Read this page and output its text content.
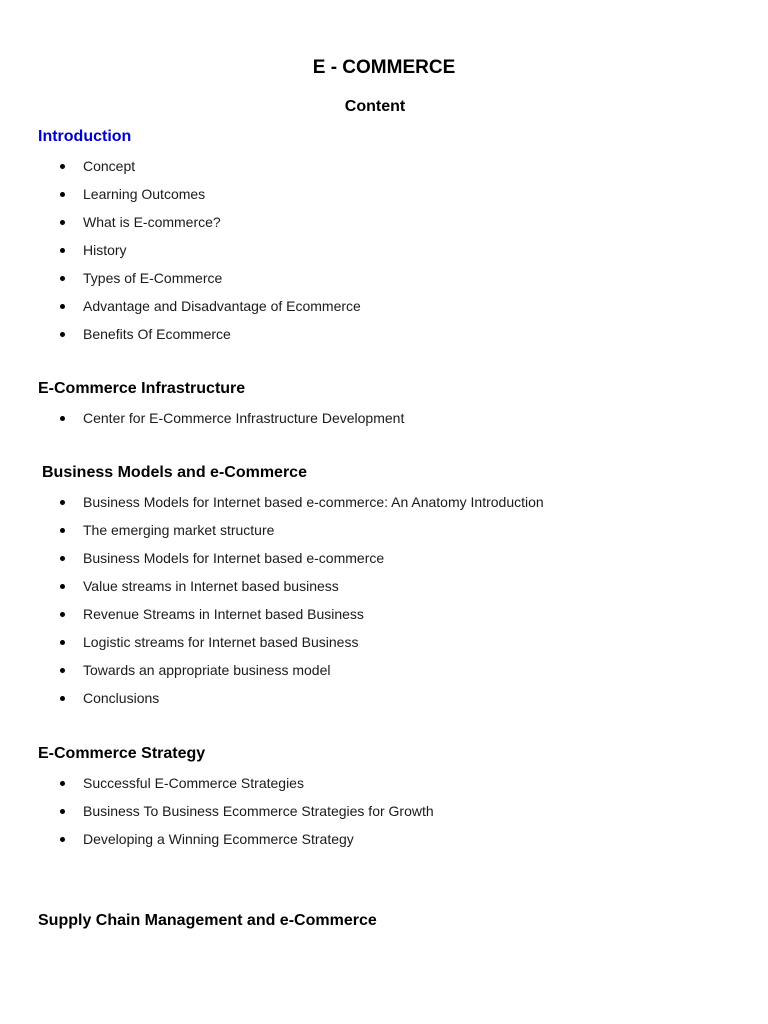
E - COMMERCE
Content
Introduction
Concept
Learning Outcomes
What is E-commerce?
History
Types of E-Commerce
Advantage and Disadvantage of Ecommerce
Benefits Of Ecommerce
E-Commerce Infrastructure
Center for E-Commerce Infrastructure Development
Business Models and e-Commerce
Business Models for Internet based e-commerce: An Anatomy Introduction
The emerging market structure
Business Models for Internet based e-commerce
Value streams in Internet based business
Revenue Streams in Internet based Business
Logistic streams for Internet based Business
Towards an appropriate business model
Conclusions
E-Commerce Strategy
Successful E-Commerce Strategies
Business To Business Ecommerce Strategies for Growth
Developing a Winning Ecommerce Strategy
Supply Chain Management and e-Commerce
